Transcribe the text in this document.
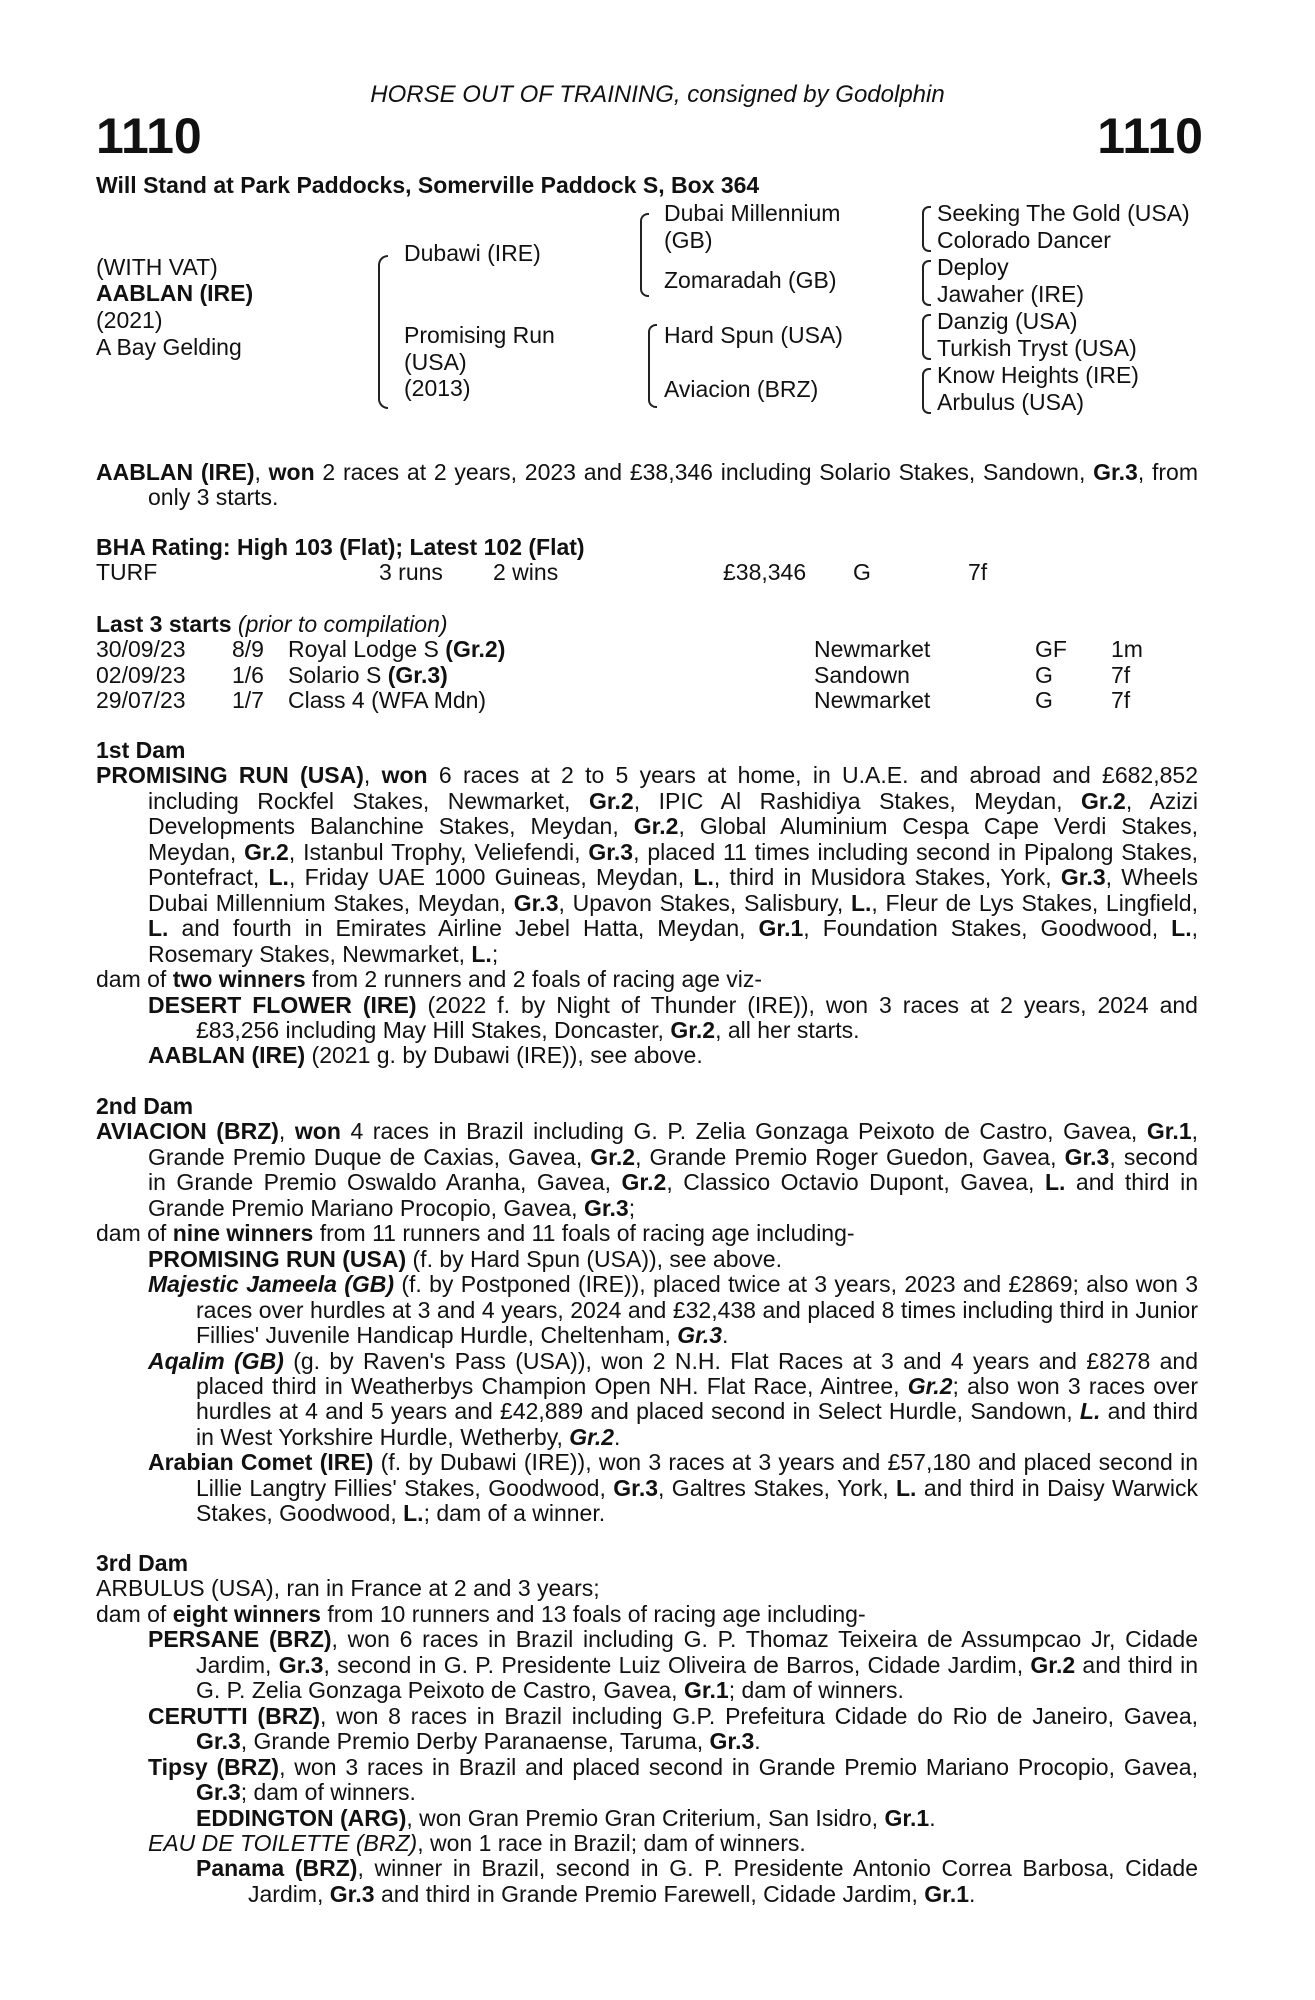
HORSE OUT OF TRAINING, consigned by Godolphin
1110	1110
Will Stand at Park Paddocks, Somerville Paddock S, Box 364
(WITH VAT)
AABLAN (IRE)
(2021)
A Bay Gelding
Dubawi (IRE)
Promising Run (USA)
(2013)
Dubai Millennium (GB)
Zomaradah (GB)
Hard Spun (USA)
Aviacion (BRZ)
Seeking The Gold (USA)
Colorado Dancer
Deploy
Jawaher (IRE)
Danzig (USA)
Turkish Tryst (USA)
Know Heights (IRE)
Arbulus (USA)
AABLAN (IRE), won 2 races at 2 years, 2023 and £38,346 including Solario Stakes, Sandown, Gr.3, from only 3 starts.
BHA Rating: High 103 (Flat); Latest 102 (Flat)
TURF	3 runs 2 wins	£38,346 G	7f
Last 3 starts (prior to compilation)
30/09/23 8/9 Royal Lodge S (Gr.2)	Newmarket	GF 1m
02/09/23 1/6 Solario S (Gr.3)	Sandown	G	7f
29/07/23 1/7 Class 4 (WFA Mdn)	Newmarket	G	7f
1st Dam
PROMISING RUN (USA), won 6 races at 2 to 5 years at home, in U.A.E. and abroad and £682,852 including Rockfel Stakes, Newmarket, Gr.2, IPIC Al Rashidiya Stakes, Meydan, Gr.2, Azizi Developments Balanchine Stakes, Meydan, Gr.2, Global Aluminium Cespa Cape Verdi Stakes, Meydan, Gr.2, Istanbul Trophy, Veliefendi, Gr.3, placed 11 times including second in Pipalong Stakes, Pontefract, L., Friday UAE 1000 Guineas, Meydan, L., third in Musidora Stakes, York, Gr.3, Wheels Dubai Millennium Stakes, Meydan, Gr.3, Upavon Stakes, Salisbury, L., Fleur de Lys Stakes, Lingfield, L. and fourth in Emirates Airline Jebel Hatta, Meydan, Gr.1, Foundation Stakes, Goodwood, L., Rosemary Stakes, Newmarket, L.;
dam of two winners from 2 runners and 2 foals of racing age viz-
DESERT FLOWER (IRE) (2022 f. by Night of Thunder (IRE)), won 3 races at 2 years, 2024 and £83,256 including May Hill Stakes, Doncaster, Gr.2, all her starts.
AABLAN (IRE) (2021 g. by Dubawi (IRE)), see above.
2nd Dam
AVIACION (BRZ), won 4 races in Brazil including G. P. Zelia Gonzaga Peixoto de Castro, Gavea, Gr.1, Grande Premio Duque de Caxias, Gavea, Gr.2, Grande Premio Roger Guedon, Gavea, Gr.3, second in Grande Premio Oswaldo Aranha, Gavea, Gr.2, Classico Octavio Dupont, Gavea, L. and third in Grande Premio Mariano Procopio, Gavea, Gr.3;
dam of nine winners from 11 runners and 11 foals of racing age including-
PROMISING RUN (USA) (f. by Hard Spun (USA)), see above.
Majestic Jameela (GB) (f. by Postponed (IRE)), placed twice at 3 years, 2023 and £2869; also won 3 races over hurdles at 3 and 4 years, 2024 and £32,438 and placed 8 times including third in Junior Fillies' Juvenile Handicap Hurdle, Cheltenham, Gr.3.
Aqalim (GB) (g. by Raven's Pass (USA)), won 2 N.H. Flat Races at 3 and 4 years and £8278 and placed third in Weatherbys Champion Open NH. Flat Race, Aintree, Gr.2; also won 3 races over hurdles at 4 and 5 years and £42,889 and placed second in Select Hurdle, Sandown, L. and third in West Yorkshire Hurdle, Wetherby, Gr.2.
Arabian Comet (IRE) (f. by Dubawi (IRE)), won 3 races at 3 years and £57,180 and placed second in Lillie Langtry Fillies' Stakes, Goodwood, Gr.3, Galtres Stakes, York, L. and third in Daisy Warwick Stakes, Goodwood, L.; dam of a winner.
3rd Dam
ARBULUS (USA), ran in France at 2 and 3 years;
dam of eight winners from 10 runners and 13 foals of racing age including-
PERSANE (BRZ), won 6 races in Brazil including G. P. Thomaz Teixeira de Assumpcao Jr, Cidade Jardim, Gr.3, second in G. P. Presidente Luiz Oliveira de Barros, Cidade Jardim, Gr.2 and third in G. P. Zelia Gonzaga Peixoto de Castro, Gavea, Gr.1; dam of winners.
CERUTTI (BRZ), won 8 races in Brazil including G.P. Prefeitura Cidade do Rio de Janeiro, Gavea, Gr.3, Grande Premio Derby Paranaense, Taruma, Gr.3.
Tipsy (BRZ), won 3 races in Brazil and placed second in Grande Premio Mariano Procopio, Gavea, Gr.3; dam of winners.
EDDINGTON (ARG), won Gran Premio Gran Criterium, San Isidro, Gr.1.
EAU DE TOILETTE (BRZ), won 1 race in Brazil; dam of winners.
Panama (BRZ), winner in Brazil, second in G. P. Presidente Antonio Correa Barbosa, Cidade Jardim, Gr.3 and third in Grande Premio Farewell, Cidade Jardim, Gr.1.
